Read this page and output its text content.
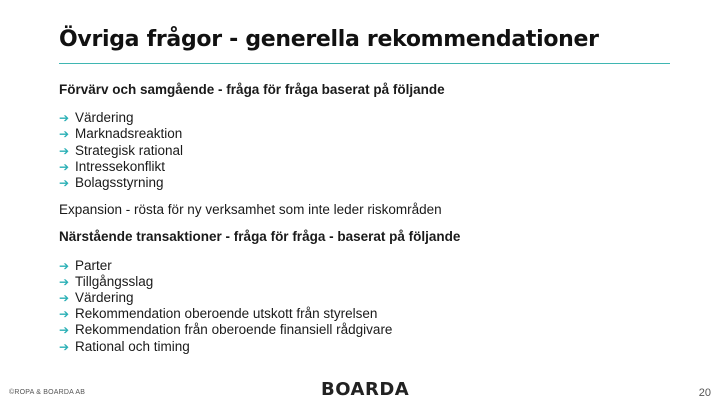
Övriga frågor - generella rekommendationer
Förvärv och samgående - fråga för fråga baserat på följande
➔ Värdering
➔ Marknadsreaktion
➔ Strategisk rational
➔ Intressekonflikt
➔ Bolagsstyrning
Expansion - rösta för ny verksamhet som inte leder riskområden
Närstående transaktioner - fråga för fråga - baserat på följande
➔ Parter
➔ Tillgångsslag
➔ Värdering
➔ Rekommendation oberoende utskott från styrelsen
➔ Rekommendation från oberoende finansiell rådgivare
➔ Rational och timing
©ROPA & BOARDA AB	BOARDA	20
